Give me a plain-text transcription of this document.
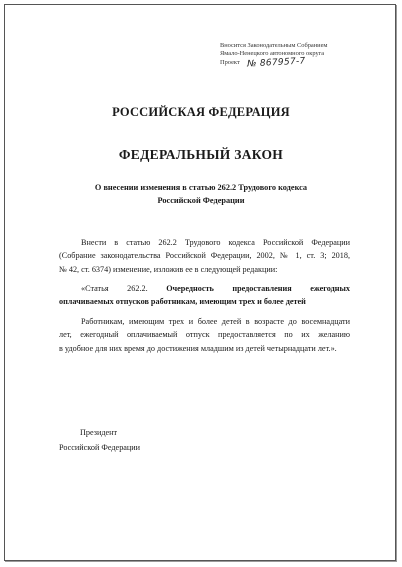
Вносится Законодательным Собранием
Ямало-Ненецкого автономного округа
Проект № 867957-7
РОССИЙСКАЯ ФЕДЕРАЦИЯ
ФЕДЕРАЛЬНЫЙ ЗАКОН
О внесении изменения в статью 262.2 Трудового кодекса
Российской Федерации
Внести в статью 262.2 Трудового кодекса Российской Федерации
(Собрание законодательства Российской Федерации, 2002, № 1, ст. 3; 2018,
№ 42, ст. 6374) изменение, изложив ее в следующей редакции:
«Статья 262.2. Очередность предоставления ежегодных
оплачиваемых отпусков работникам, имеющим трех и более детей
Работникам, имеющим трех и более детей в возрасте до восемнадцати
лет, ежегодный оплачиваемый отпуск предоставляется по их желанию
в удобное для них время до достижения младшим из детей четырнадцати лет.».
Президент
Российской Федерации
